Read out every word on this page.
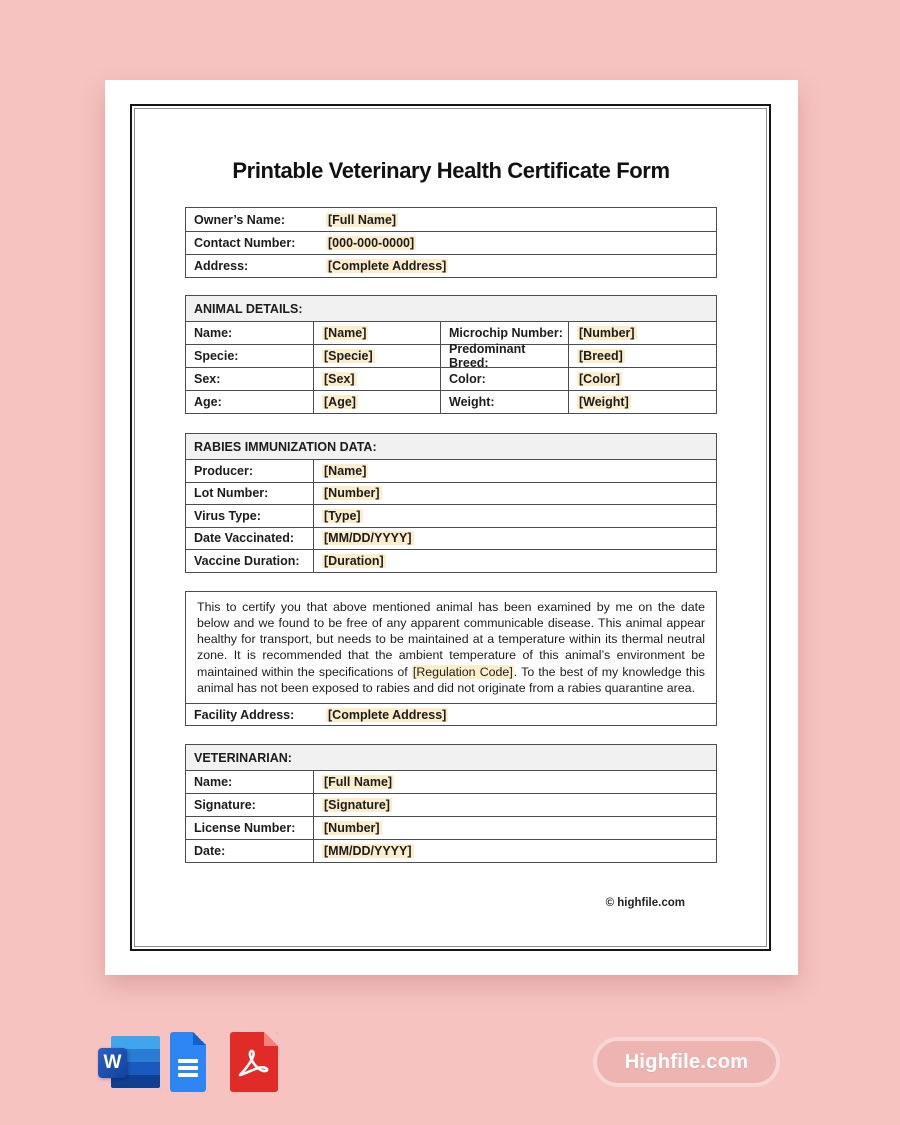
Printable Veterinary Health Certificate Form
Owner’s Name:	[Full Name]
Contact Number:	[000-000-0000]
Address:	[Complete Address]
ANIMAL DETAILS:
Name:	[Name]	Microchip Number:	[Number]
Specie:	[Specie]	Predominant Breed:	[Breed]
Sex:	[Sex]	Color:	[Color]
Age:	[Age]	Weight:	[Weight]
RABIES IMMUNIZATION DATA:
Producer:	[Name]
Lot Number:	[Number]
Virus Type:	[Type]
Date Vaccinated:	[MM/DD/YYYY]
Vaccine Duration:	[Duration]
This to certify you that above mentioned animal has been examined by me on the date below and we found to be free of any apparent communicable disease. This animal appear healthy for transport, but needs to be maintained at a temperature within its thermal neutral zone. It is recommended that the ambient temperature of this animal’s environment be maintained within the specifications of [Regulation Code]. To the best of my knowledge this animal has not been exposed to rabies and did not originate from a rabies quarantine area.
Facility Address:	[Complete Address]
VETERINARIAN:
Name:	[Full Name]
Signature:	[Signature]
License Number:	[Number]
Date:	[MM/DD/YYYY]
© highfile.com
W	Highfile.com
